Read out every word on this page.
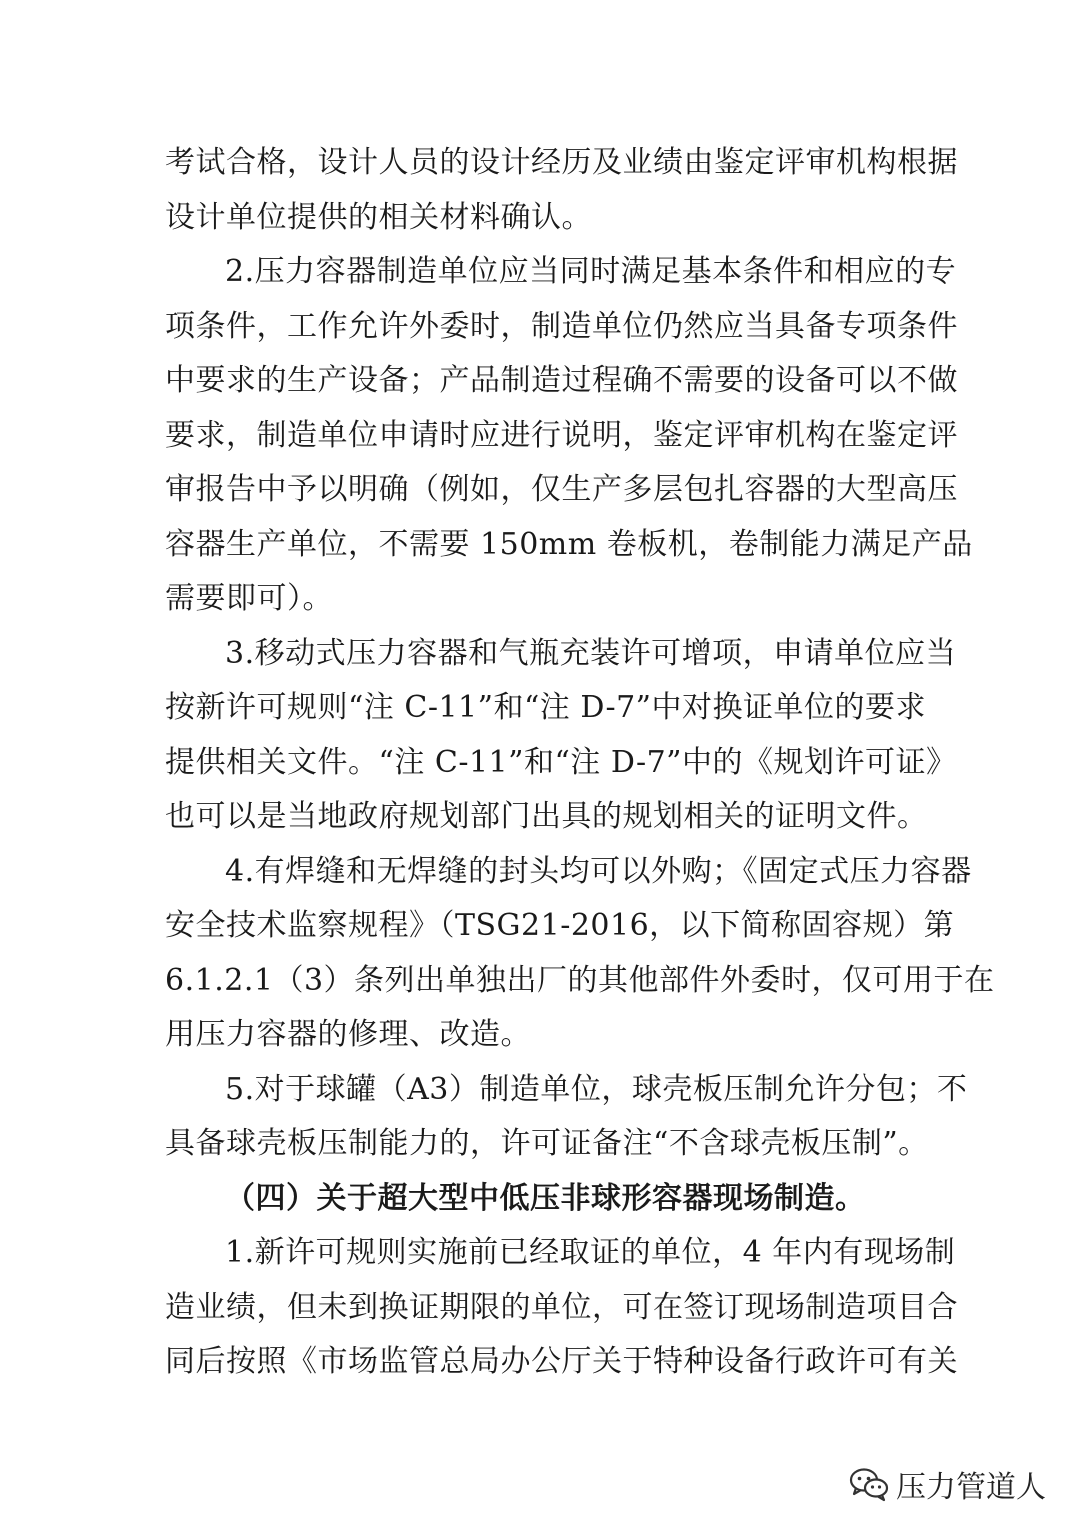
考试合格，设计人员的设计经历及业绩由鉴定评审机构根据
设计单位提供的相关材料确认。
2.压力容器制造单位应当同时满足基本条件和相应的专
项条件，工作允许外委时，制造单位仍然应当具备专项条件
中要求的生产设备；产品制造过程确不需要的设备可以不做
要求，制造单位申请时应进行说明，鉴定评审机构在鉴定评
审报告中予以明确（例如，仅生产多层包扎容器的大型高压
容器生产单位，不需要 150mm 卷板机，卷制能力满足产品
需要即可）。
3.移动式压力容器和气瓶充装许可增项，申请单位应当
按新许可规则“注 C-11”和“注 D-7”中对换证单位的要求
提供相关文件。“注 C-11”和“注 D-7”中的《规划许可证》
也可以是当地政府规划部门出具的规划相关的证明文件。
4.有焊缝和无焊缝的封头均可以外购；《固定式压力容器
安全技术监察规程》（TSG21-2016，以下简称固容规）第
6.1.2.1（3）条列出单独出厂的其他部件外委时，仅可用于在
用压力容器的修理、改造。
5.对于球罐（A3）制造单位，球壳板压制允许分包；不
具备球壳板压制能力的，许可证备注“不含球壳板压制”。
（四）关于超大型中低压非球形容器现场制造。
1.新许可规则实施前已经取证的单位，4 年内有现场制
造业绩，但未到换证期限的单位，可在签订现场制造项目合
同后按照《市场监管总局办公厅关于特种设备行政许可有关
压力管道人
